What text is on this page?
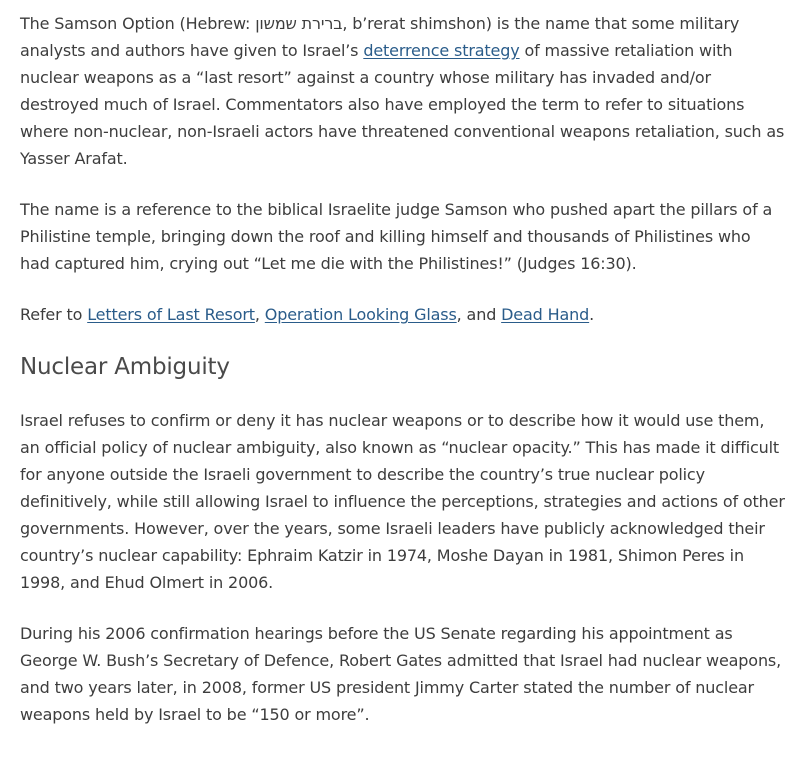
The Samson Option (Hebrew: ברירת שמשון, b’rerat shimshon) is the name that some military analysts and authors have given to Israel’s deterrence strategy of massive retaliation with nuclear weapons as a “last resort” against a country whose military has invaded and/or destroyed much of Israel. Commentators also have employed the term to refer to situations where non-nuclear, non-Israeli actors have threatened conventional weapons retaliation, such as Yasser Arafat.

The name is a reference to the biblical Israelite judge Samson who pushed apart the pillars of a Philistine temple, bringing down the roof and killing himself and thousands of Philistines who had captured him, crying out “Let me die with the Philistines!” (Judges 16:30).

Refer to Letters of Last Resort, Operation Looking Glass, and Dead Hand.

Nuclear Ambiguity

Israel refuses to confirm or deny it has nuclear weapons or to describe how it would use them, an official policy of nuclear ambiguity, also known as “nuclear opacity.” This has made it difficult for anyone outside the Israeli government to describe the country’s true nuclear policy definitively, while still allowing Israel to influence the perceptions, strategies and actions of other governments. However, over the years, some Israeli leaders have publicly acknowledged their country’s nuclear capability: Ephraim Katzir in 1974, Moshe Dayan in 1981, Shimon Peres in 1998, and Ehud Olmert in 2006.

During his 2006 confirmation hearings before the US Senate regarding his appointment as George W. Bush’s Secretary of Defence, Robert Gates admitted that Israel had nuclear weapons, and two years later, in 2008, former US president Jimmy Carter stated the number of nuclear weapons held by Israel to be “150 or more”.
